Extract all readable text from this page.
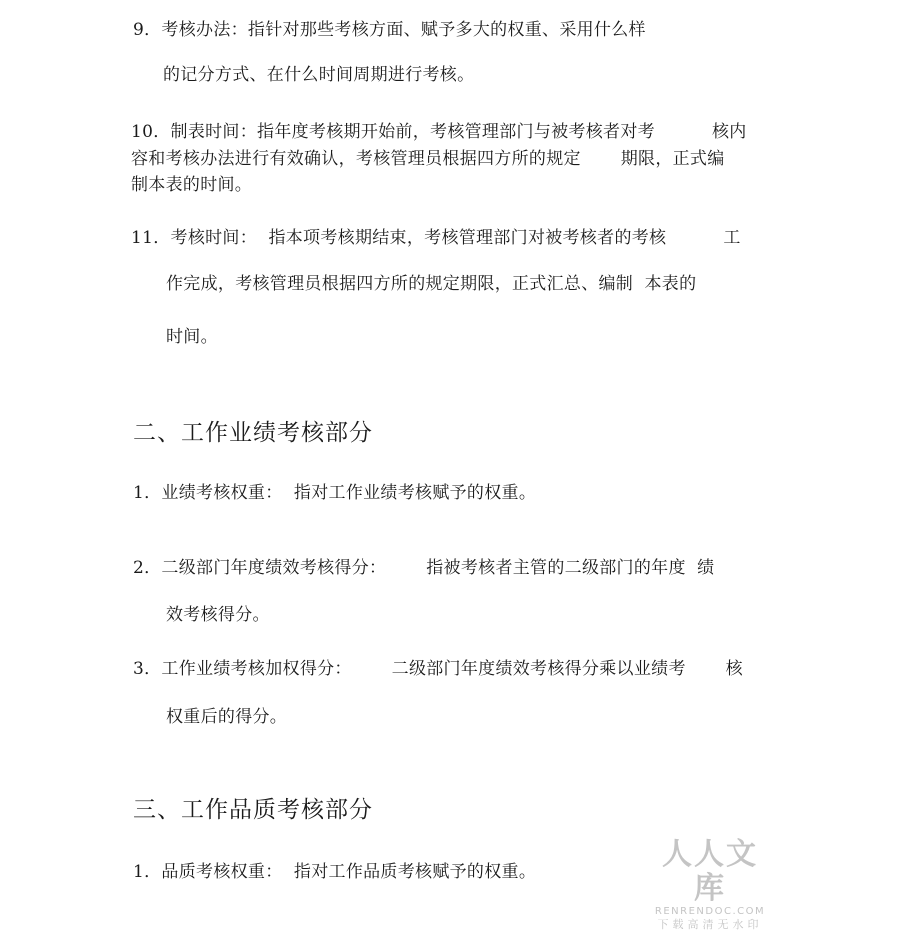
9．考核办法：指针对那些考核方面、赋予多大的权重、采用什么样
的记分方式、在什么时间周期进行考核。
10．制表时间：指年度考核期开始前，考核管理部门与被考核者对考          核内
容和考核办法进行有效确认，考核管理员根据四方所的规定       期限，正式编
制本表的时间。
11．考核时间：  指本项考核期结束，考核管理部门对被考核者的考核          工
作完成，考核管理员根据四方所的规定期限，正式汇总、编制  本表的
时间。
二、工作业绩考核部分
1．业绩考核权重：  指对工作业绩考核赋予的权重。
2．二级部门年度绩效考核得分：       指被考核者主管的二级部门的年度  绩
效考核得分。
3．工作业绩考核加权得分：       二级部门年度绩效考核得分乘以业绩考       核
权重后的得分。
三、工作品质考核部分
1．品质考核权重：  指对工作品质考核赋予的权重。	人人文库
RENRENDOC.COM
下载高清无水印
